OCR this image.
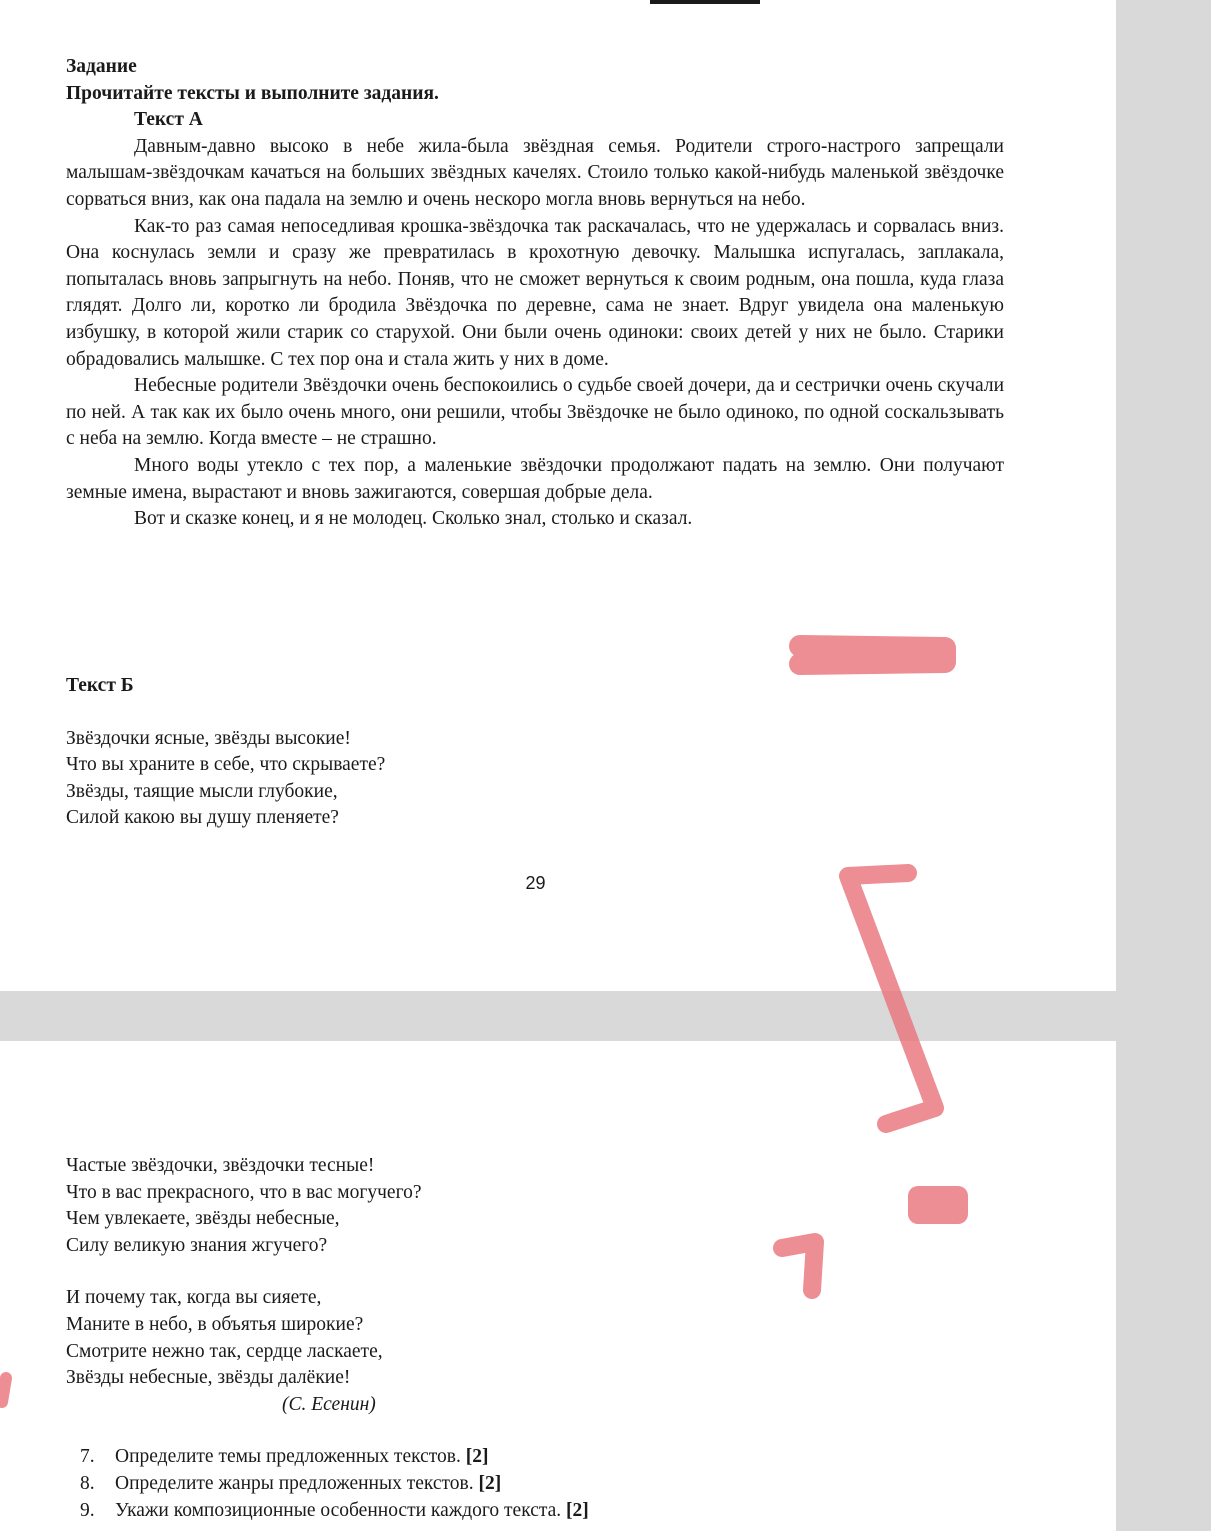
Задание
Прочитайте тексты и выполните задания.
Текст А

Давным-давно высоко в небе жила-была звёздная семья. Родители строго-настрого запрещали малышам-звёздочкам качаться на больших звёздных качелях. Стоило только какой-нибудь маленькой звёздочке сорваться вниз, как она падала на землю и очень нескоро могла вновь вернуться на небо.

Как-то раз самая непоседливая крошка-звёздочка так раскачалась, что не удержалась и сорвалась вниз. Она коснулась земли и сразу же превратилась в крохотную девочку. Малышка испугалась, заплакала, попыталась вновь запрыгнуть на небо. Поняв, что не сможет вернуться к своим родным, она пошла, куда глаза глядят. Долго ли, коротко ли бродила Звёздочка по деревне, сама не знает. Вдруг увидела она маленькую избушку, в которой жили старик со старухой. Они были очень одиноки: своих детей у них не было. Старики обрадовались малышке. С тех пор она и стала жить у них в доме.

Небесные родители Звёздочки очень беспокоились о судьбе своей дочери, да и сестрички очень скучали по ней. А так как их было очень много, они решили, чтобы Звёздочке не было одиноко, по одной соскальзывать с неба на землю. Когда вместе – не страшно.

Много воды утекло с тех пор, а маленькие звёздочки продолжают падать на землю. Они получают земные имена, вырастают и вновь зажигаются, совершая добрые дела.

Вот и сказке конец, и я не молодец. Сколько знал, столько и сказал.

Текст Б
Звёздочки ясные, звёзды высокие!
Что вы храните в себе, что скрываете?
Звёзды, таящие мысли глубокие,
Силой какою вы душу пленяете?
29
Частые звёздочки, звёздочки тесные!
Что в вас прекрасного, что в вас могучего?
Чем увлекаете, звёзды небесные,
Силу великую знания жгучего?
И почему так, когда вы сияете,
Маните в небо, в объятья широкие?
Смотрите нежно так, сердце ласкаете,
Звёзды небесные, звёзды далёкие!
(С. Есенин)
7.	Определите темы предложенных текстов.
[2]
8.	Определите жанры предложенных текстов.
[2]
9.	Укажи композиционные особенности каждого текста.
[2]
